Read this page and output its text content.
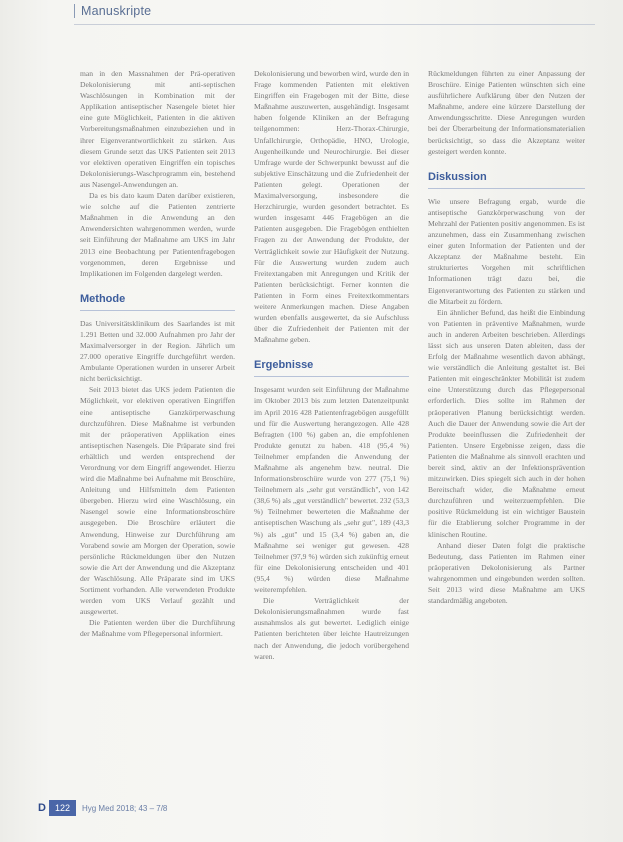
Manuskripte

man in den Massnahmen der Prä-operativen Dekolonisierung mit anti-septischen Waschlösungen in Kombination mit der Applikation antiseptischer Nasengele bietet hier eine gute Möglichkeit, Patienten in die aktiven Vorbereitungsmaßnahmen einzubeziehen und in ihrer Eigenverantwortlichkeit zu stärken. Aus diesem Grunde setzt das UKS Patienten seit 2013 vor elektiven operativen Eingriffen ein topisches Dekolonisierungs-Waschprogramm ein, bestehend aus Nasengel-Anwendungen an.

Da es bis dato kaum Daten darüber existieren, wie solche auf die Patienten zentrierte Maßnahmen in die Anwendung an den Anwendersichten wahrgenommen werden, wurde seit Einführung der Maßnahme am UKS im Jahr 2013 eine Beobachtung per Patientenfragebogen vorgenommen, deren Ergebnisse und Implikationen im Folgenden dargelegt werden.

Methode

Das Universitätsklinikum des Saarlandes ist mit 1.291 Betten und 32.000 Aufnahmen pro Jahr der Maximalversorger in der Region. Jährlich um 27.000 operative Eingriffe durchgeführt werden. Ambulante Operationen wurden in unserer Arbeit nicht berücksichtigt.

Seit 2013 bietet das UKS jedem Patienten die Möglichkeit, vor elektiven operativen Eingriffen eine antiseptische Ganzkörperwaschung durchzuführen. Diese Maßnahme ist verbunden mit der präoperativen Applikation eines antiseptischen Nasengels. Die Präparate sind frei erhältlich und werden entsprechend der Verordnung vor dem Eingriff angewendet. Hierzu wird die Maßnahme bei Aufnahme mit Broschüre, Anleitung und Hilfsmitteln dem Patienten übergeben. Hierzu wird eine Waschlösung, ein Nasengel sowie eine Informationsbroschüre ausgegeben. Die Broschüre erläutert die Anwendung, Hinweise zur Durchführung am Vorabend sowie am Morgen der Operation, sowie persönliche Rückmeldungen über den Nutzen sowie die Art der Anwendung und die Akzeptanz der Waschlösung. Alle Präparate sind im UKS Sortiment vorhanden. Alle verwendeten Produkte werden vom UKS Verlauf gezählt und ausgewertet.

Die Patienten werden über die Durchführung der Maßnahme vom Pflegepersonal informiert.

Dekolonisierung und beworben wird, wurde den in Frage kommenden Patienten mit elektiven Eingriffen ein Fragebogen mit der Bitte, diese Maßnahme auszuwerten, ausgehändigt. Insgesamt haben folgende Kliniken an der Befragung teilgenommen: Herz-Thorax-Chirurgie, Unfallchirurgie, Orthopädie, HNO, Urologie, Augenheilkunde und Neurochirurgie. Bei dieser Umfrage wurde der Schwerpunkt bewusst auf die subjektive Einschätzung und die Zufriedenheit der Patienten gelegt. Operationen der Maximalversorgung, insbesondere die Herzchirurgie, wurden gesondert betrachtet. Es wurden insgesamt 446 Fragebögen an die Patienten ausgegeben. Die Fragebögen enthielten Fragen zu der Anwendung der Produkte, der Verträglichkeit sowie zur Häufigkeit der Nutzung. Für die Auswertung wurden zudem auch Freitextangaben mit Anregungen und Kritik der Patienten berücksichtigt. Ferner konnten die Patienten in Form eines Freitextkommentars weitere Anmerkungen machen. Diese Angaben wurden ebenfalls ausgewertet, da sie Aufschluss über die Zufriedenheit der Patienten mit der Maßnahme geben.

Ergebnisse

Insgesamt wurden seit Einführung der Maßnahme im Oktober 2013 bis zum letzten Datenzeitpunkt im April 2016 428 Patientenfragebögen ausgefüllt und für die Auswertung herangezogen. Alle 428 Befragten (100 %) gaben an, die empfohlenen Produkte genutzt zu haben. 418 (95,4 %) Teilnehmer empfanden die Anwendung der Maßnahme als angenehm bzw. neutral. Die Informationsbroschüre wurde von 277 (75,1 %) Teilnehmern als „sehr gut verständlich", von 142 (38,6 %) als „gut verständlich" bewertet. 232 (53,3 %) Teilnehmer bewerteten die Maßnahme der antiseptischen Waschung als „sehr gut", 189 (43,3 %) als „gut" und 15 (3,4 %) gaben an, die Maßnahme sei weniger gut gewesen. 428 Teilnehmer (97,9 %) würden sich zukünftig erneut für eine Dekolonisierung entscheiden und 401 (95,4 %) würden diese Maßnahme weiterempfehlen.

Die Verträglichkeit der Dekolonisierungsmaßnahmen wurde fast ausnahmslos als gut bewertet. Lediglich einige Patienten berichteten über leichte Hautreizungen nach der Anwendung, die jedoch vorübergehend waren.

Rückmeldungen führten zu einer Anpassung der Broschüre. Einige Patienten wünschten sich eine ausführlichere Aufklärung über den Nutzen der Maßnahme, andere eine kürzere Darstellung der Anwendungsschritte. Diese Anregungen wurden bei der Überarbeitung der Informationsmaterialien berücksichtigt, so dass die Akzeptanz weiter gesteigert werden konnte.

Diskussion

Wie unsere Befragung ergab, wurde die antiseptische Ganzkörperwaschung von der Mehrzahl der Patienten positiv angenommen. Es ist anzunehmen, dass ein Zusammenhang zwischen einer guten Information der Patienten und der Akzeptanz der Maßnahme besteht. Ein strukturiertes Vorgehen mit schriftlichen Informationen trägt dazu bei, die Eigenverantwortung des Patienten zu stärken und die Mitarbeit zu fördern.

Ein ähnlicher Befund, das heißt die Einbindung von Patienten in präventive Maßnahmen, wurde auch in anderen Arbeiten beschrieben. Allerdings lässt sich aus unseren Daten ableiten, dass der Erfolg der Maßnahme wesentlich davon abhängt, wie verständlich die Anleitung gestaltet ist. Bei Patienten mit eingeschränkter Mobilität ist zudem eine Unterstützung durch das Pflegepersonal erforderlich. Dies sollte im Rahmen der präoperativen Planung berücksichtigt werden. Auch die Dauer der Anwendung sowie die Art der Produkte beeinflussen die Zufriedenheit der Patienten. Unsere Ergebnisse zeigen, dass die Patienten die Maßnahme als sinnvoll erachten und bereit sind, aktiv an der Infektionsprävention mitzuwirken. Dies spiegelt sich auch in der hohen Bereitschaft wider, die Maßnahme erneut durchzuführen und weiterzuempfehlen. Die positive Rückmeldung ist ein wichtiger Baustein für die Etablierung solcher Programme in der klinischen Routine.

Anhand dieser Daten folgt die praktische Bedeutung, dass Patienten im Rahmen einer präoperativen Dekolonisierung als Partner wahrgenommen und eingebunden werden sollten. Seit 2013 wird diese Maßnahme am UKS standardmäßig angeboten.

D	122	Hyg Med 2018; 43 – 7/8
